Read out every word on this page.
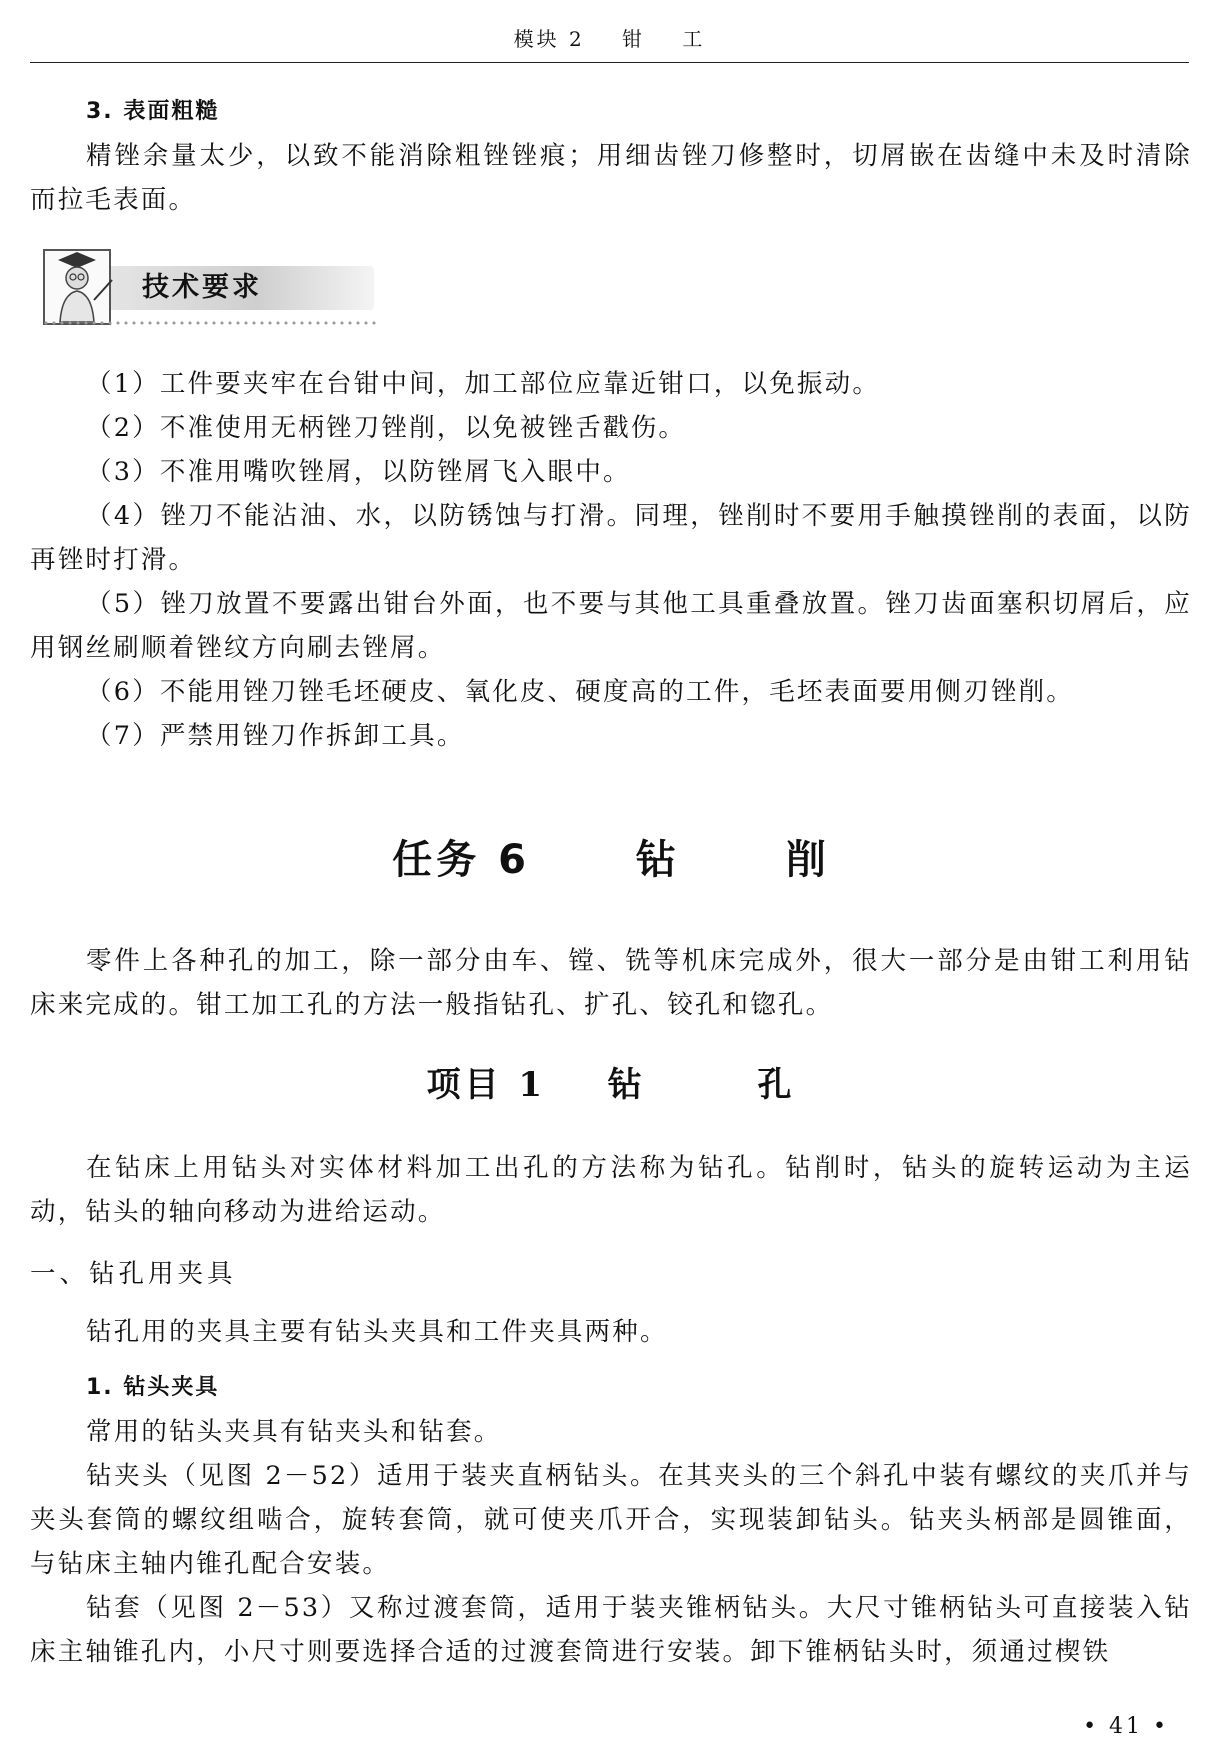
模块 2 钳 工
3. 表面粗糙

精锉余量太少，以致不能消除粗锉锉痕；用细齿锉刀修整时，切屑嵌在齿缝中未及时清除而拉毛表面。

技术要求

（1）工件要夹牢在台钳中间，加工部位应靠近钳口，以免振动。

（2）不准使用无柄锉刀锉削，以免被锉舌戳伤。

（3）不准用嘴吹锉屑，以防锉屑飞入眼中。

（4）锉刀不能沾油、水，以防锈蚀与打滑。同理，锉削时不要用手触摸锉削的表面，以防再锉时打滑。

（5）锉刀放置不要露出钳台外面，也不要与其他工具重叠放置。锉刀齿面塞积切屑后，应用钢丝刷顺着锉纹方向刷去锉屑。

（6）不能用锉刀锉毛坯硬皮、氧化皮、硬度高的工件，毛坯表面要用侧刃锉削。

（7）严禁用锉刀作拆卸工具。

任务 6	钻	削

零件上各种孔的加工，除一部分由车、镗、铣等机床完成外，很大一部分是由钳工利用钻床来完成的。钳工加工孔的方法一般指钻孔、扩孔、铰孔和锪孔。

项目 1 钻	孔

在钻床上用钻头对实体材料加工出孔的方法称为钻孔。钻削时，钻头的旋转运动为主运动，钻头的轴向移动为进给运动。

一、钻孔用夹具

钻孔用的夹具主要有钻头夹具和工件夹具两种。

1. 钻头夹具

常用的钻头夹具有钻夹头和钻套。

钻夹头（见图 2－52）适用于装夹直柄钻头。在其夹头的三个斜孔中装有螺纹的夹爪并与夹头套筒的螺纹组啮合，旋转套筒，就可使夹爪开合，实现装卸钻头。钻夹头柄部是圆锥面，与钻床主轴内锥孔配合安装。

钻套（见图 2－53）又称过渡套筒，适用于装夹锥柄钻头。大尺寸锥柄钻头可直接装入钻床主轴锥孔内，小尺寸则要选择合适的过渡套筒进行安装。卸下锥柄钻头时，须通过楔铁

• 41 •
